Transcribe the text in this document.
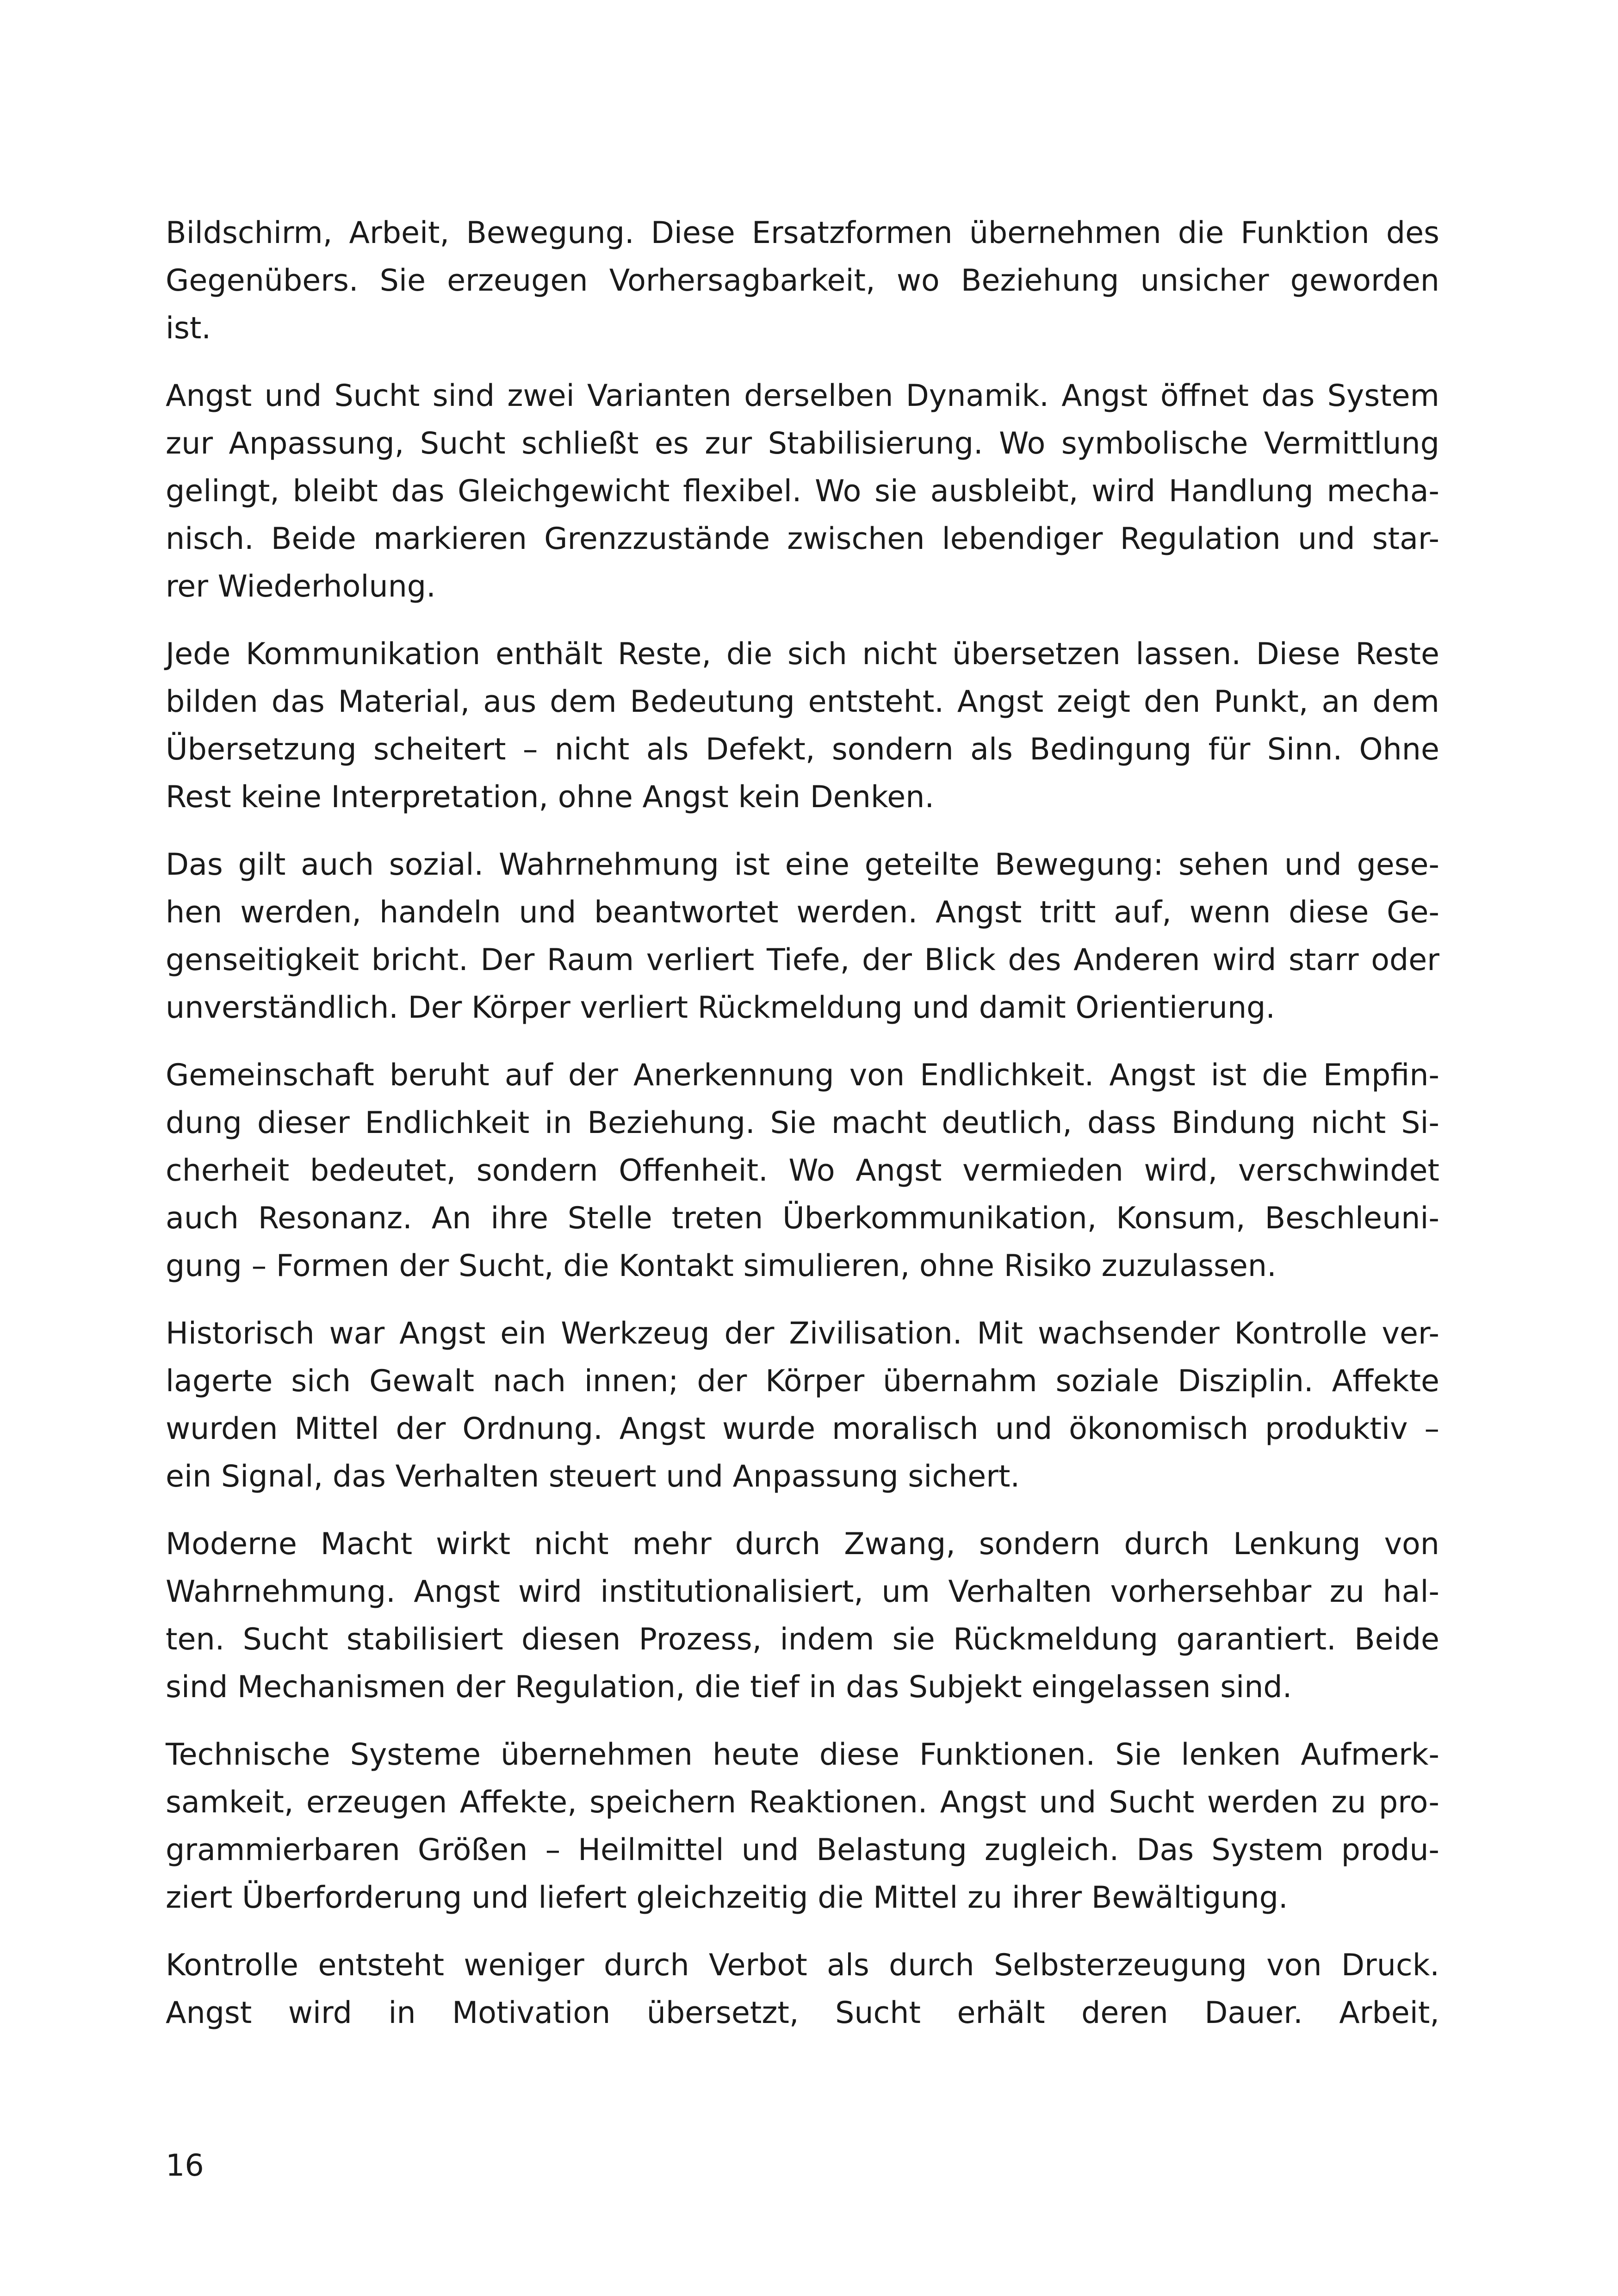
Bildschirm, Arbeit, Bewegung. Diese Ersatzformen übernehmen die Funktion des
Gegenübers. Sie erzeugen Vorhersagbarkeit, wo Beziehung unsicher geworden
ist.
Angst und Sucht sind zwei Varianten derselben Dynamik. Angst öffnet das System
zur Anpassung, Sucht schließt es zur Stabilisierung. Wo symbolische Vermittlung
gelingt, bleibt das Gleichgewicht flexibel. Wo sie ausbleibt, wird Handlung mecha-
nisch. Beide markieren Grenzzustände zwischen lebendiger Regulation und star-
rer Wiederholung.
Jede Kommunikation enthält Reste, die sich nicht übersetzen lassen. Diese Reste
bilden das Material, aus dem Bedeutung entsteht. Angst zeigt den Punkt, an dem
Übersetzung scheitert – nicht als Defekt, sondern als Bedingung für Sinn. Ohne
Rest keine Interpretation, ohne Angst kein Denken.
Das gilt auch sozial. Wahrnehmung ist eine geteilte Bewegung: sehen und gese-
hen werden, handeln und beantwortet werden. Angst tritt auf, wenn diese Ge-
genseitigkeit bricht. Der Raum verliert Tiefe, der Blick des Anderen wird starr oder
unverständlich. Der Körper verliert Rückmeldung und damit Orientierung.
Gemeinschaft beruht auf der Anerkennung von Endlichkeit. Angst ist die Empfin-
dung dieser Endlichkeit in Beziehung. Sie macht deutlich, dass Bindung nicht Si-
cherheit bedeutet, sondern Offenheit. Wo Angst vermieden wird, verschwindet
auch Resonanz. An ihre Stelle treten Überkommunikation, Konsum, Beschleuni-
gung – Formen der Sucht, die Kontakt simulieren, ohne Risiko zuzulassen.
Historisch war Angst ein Werkzeug der Zivilisation. Mit wachsender Kontrolle ver-
lagerte sich Gewalt nach innen; der Körper übernahm soziale Disziplin. Affekte
wurden Mittel der Ordnung. Angst wurde moralisch und ökonomisch produktiv –
ein Signal, das Verhalten steuert und Anpassung sichert.
Moderne Macht wirkt nicht mehr durch Zwang, sondern durch Lenkung von
Wahrnehmung. Angst wird institutionalisiert, um Verhalten vorhersehbar zu hal-
ten. Sucht stabilisiert diesen Prozess, indem sie Rückmeldung garantiert. Beide
sind Mechanismen der Regulation, die tief in das Subjekt eingelassen sind.
Technische Systeme übernehmen heute diese Funktionen. Sie lenken Aufmerk-
samkeit, erzeugen Affekte, speichern Reaktionen. Angst und Sucht werden zu pro-
grammierbaren Größen – Heilmittel und Belastung zugleich. Das System produ-
ziert Überforderung und liefert gleichzeitig die Mittel zu ihrer Bewältigung.
Kontrolle entsteht weniger durch Verbot als durch Selbsterzeugung von Druck.
Angst wird in Motivation übersetzt, Sucht erhält deren Dauer. Arbeit,
16
